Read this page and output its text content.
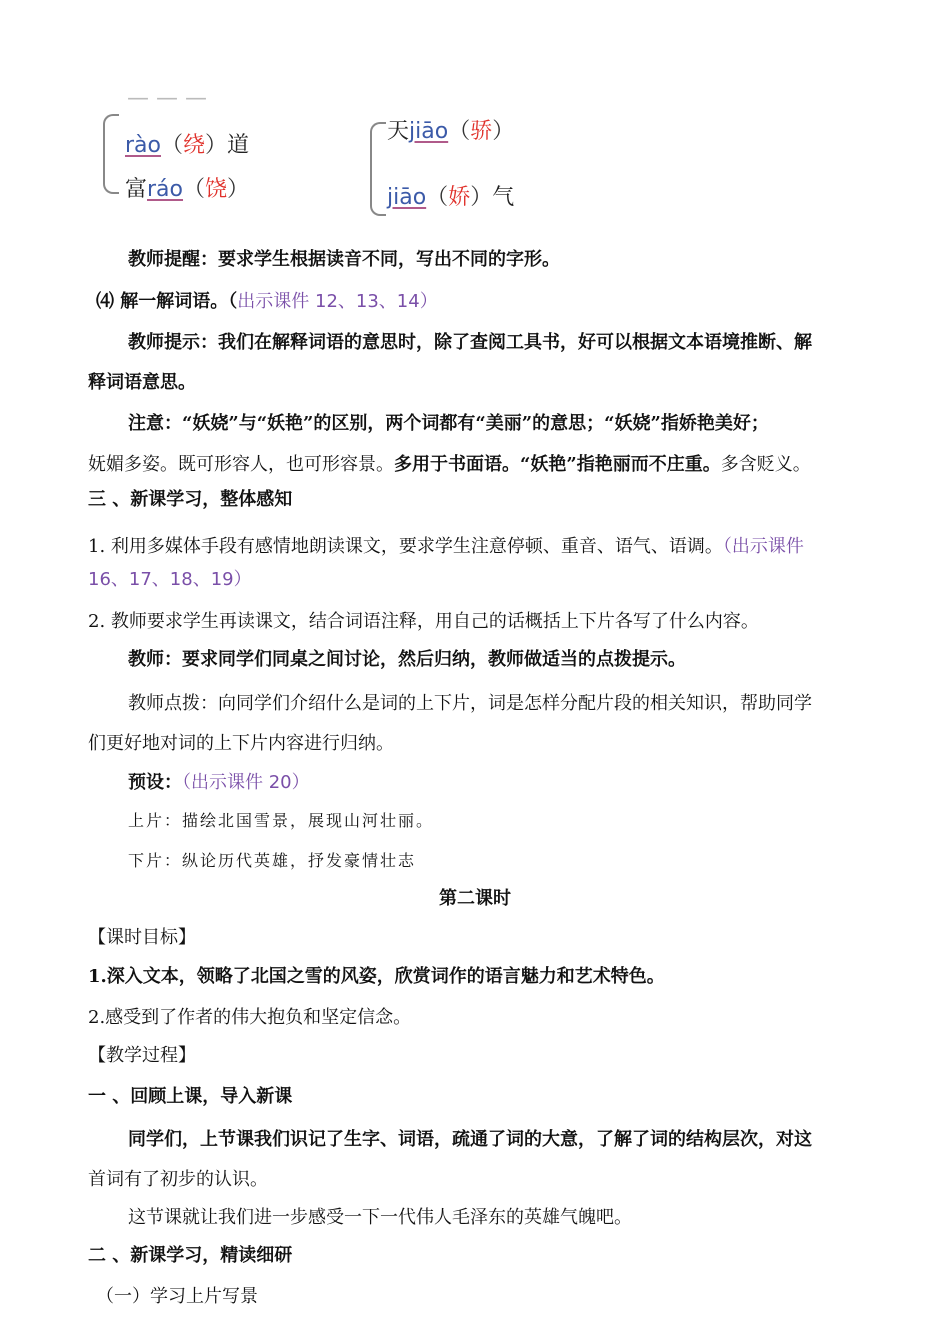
— — —
rào（绕）道
富ráo（饶）
天jiāo（骄）
jiāo（娇）气
教师提醒：要求学生根据读音不同，写出不同的字形。
⑷ 解一解词语。（出示课件 12、13、14）
教师提示：我们在解释词语的意思时，除了查阅工具书，好可以根据文本语境推断、解
释词语意思。
注意：“妖娆”与“妖艳”的区别，两个词都有“美丽”的意思；“妖娆”指娇艳美好；
妩媚多姿。既可形容人，也可形容景。多用于书面语。“妖艳”指艳丽而不庄重。多含贬义。
三 、新课学习，整体感知
1. 利用多媒体手段有感情地朗读课文，要求学生注意停顿、重音、语气、语调。（出示课件
16、17、18、19）
2. 教师要求学生再读课文，结合词语注释，用自己的话概括上下片各写了什么内容。
教师：要求同学们同桌之间讨论，然后归纳，教师做适当的点拨提示。
教师点拨：向同学们介绍什么是词的上下片，词是怎样分配片段的相关知识，帮助同学
们更好地对词的上下片内容进行归纳。
预设：（出示课件 20）
上片：描绘北国雪景，展现山河壮丽。
下片：纵论历代英雄，抒发豪情壮志
第二课时
【课时目标】
1.深入文本，领略了北国之雪的风姿，欣赏词作的语言魅力和艺术特色。
2.感受到了作者的伟大抱负和坚定信念。
【教学过程】
一 、回顾上课，导入新课
同学们，上节课我们识记了生字、词语，疏通了词的大意，了解了词的结构层次，对这
首词有了初步的认识。
这节课就让我们进一步感受一下一代伟人毛泽东的英雄气魄吧。
二 、新课学习，精读细研
（一）学习上片写景
